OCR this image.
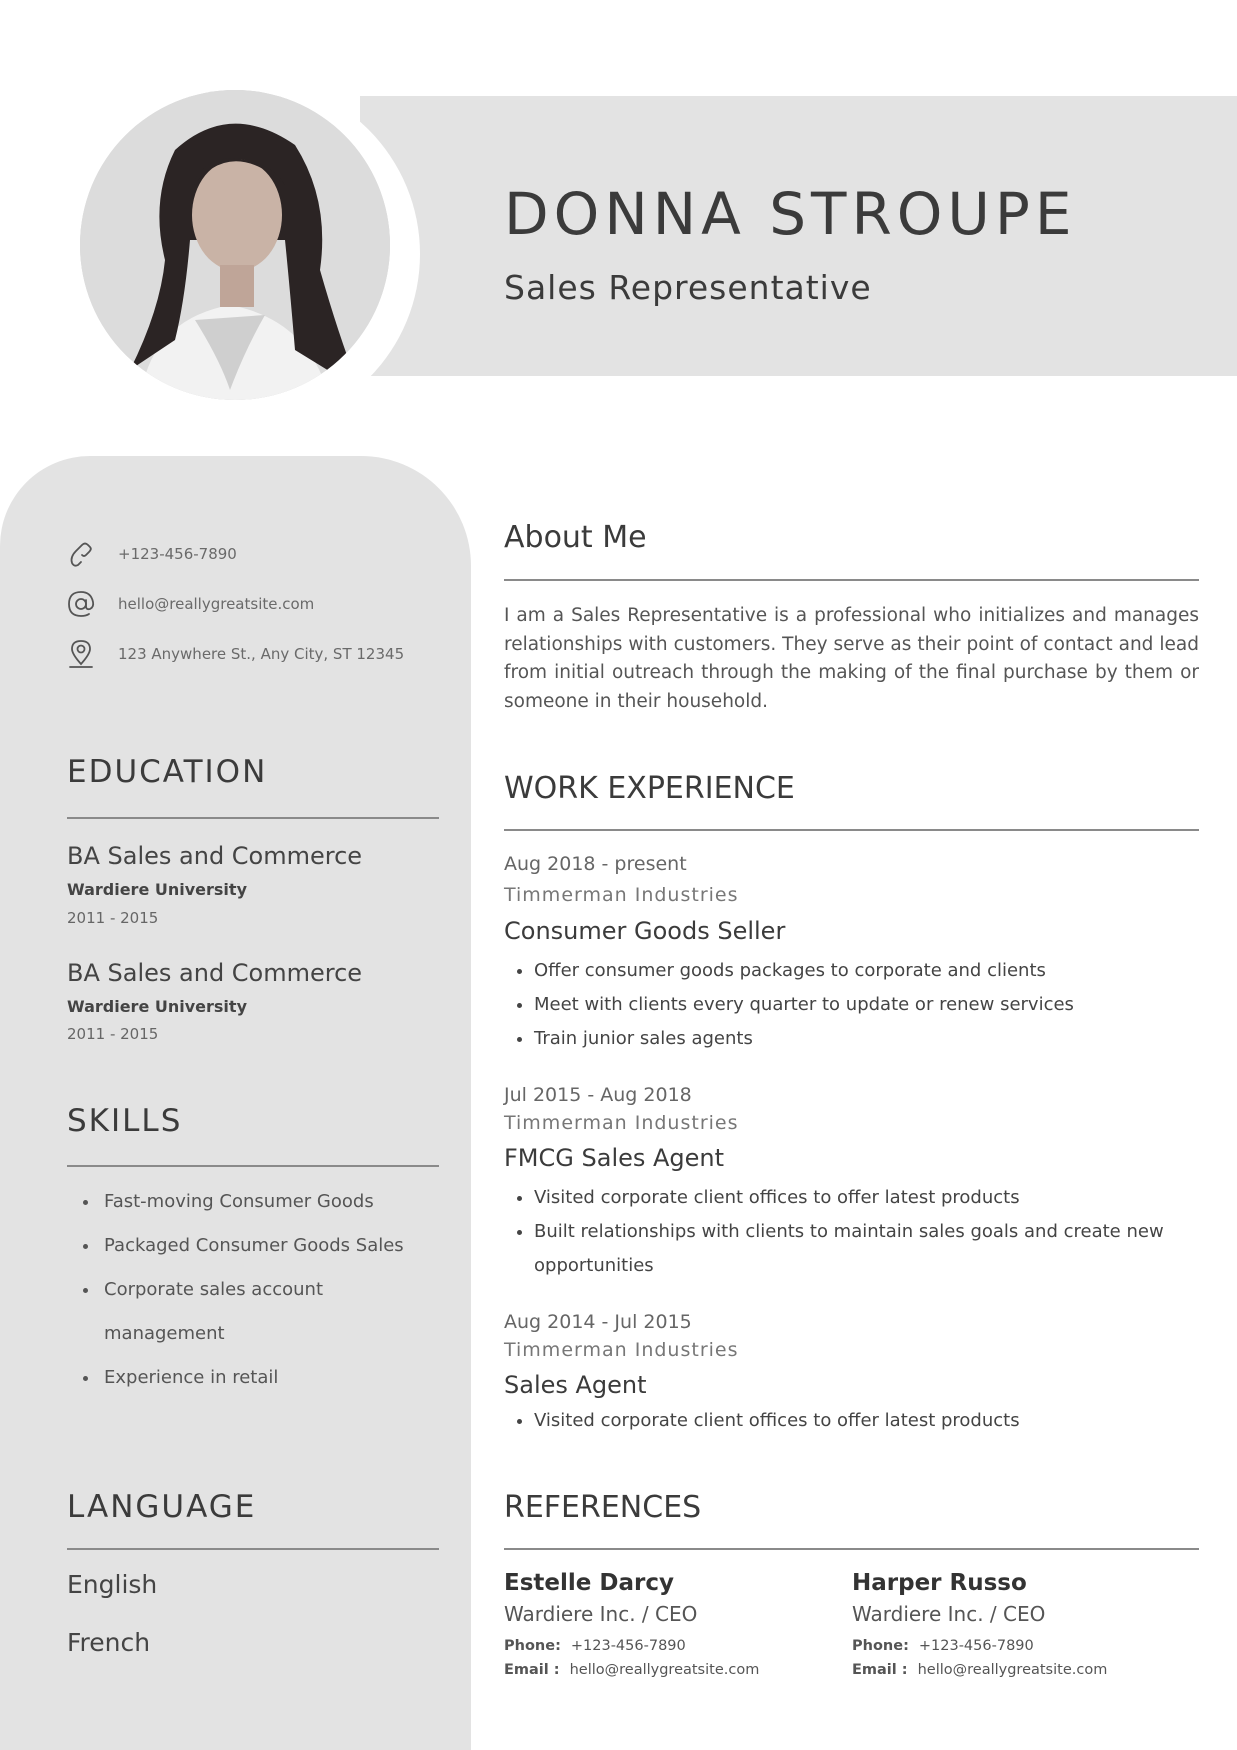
DONNA STROUPE
Sales Representative
+123-456-7890
hello@reallygreatsite.com
123 Anywhere St., Any City, ST 12345
EDUCATION
BA Sales and Commerce
Wardiere University
2011 - 2015
BA Sales and Commerce
Wardiere University
2011 - 2015
SKILLS
• Fast-moving Consumer Goods
• Packaged Consumer Goods Sales
• Corporate sales account management
• Experience in retail
LANGUAGE
English
French
About Me

I am a Sales Representative is a professional who initializes and manages relationships with customers. They serve as their point of contact and lead from initial outreach through the making of the final purchase by them or someone in their household.

WORK EXPERIENCE
Aug 2018 - present
Timmerman Industries
Consumer Goods Seller
• Offer consumer goods packages to corporate and clients
• Meet with clients every quarter to update or renew services
• Train junior sales agents
Jul 2015 - Aug 2018
Timmerman Industries
FMCG Sales Agent
• Visited corporate client offices to offer latest products
• Built relationships with clients to maintain sales goals and create new opportunities
Aug 2014 - Jul 2015
Timmerman Industries
Sales Agent
• Visited corporate client offices to offer latest products
REFERENCES
Estelle Darcy
Wardiere Inc. / CEO
Phone: +123-456-7890
Email : hello@reallygreatsite.com
Harper Russo
Wardiere Inc. / CEO
Phone: +123-456-7890
Email : hello@reallygreatsite.com
